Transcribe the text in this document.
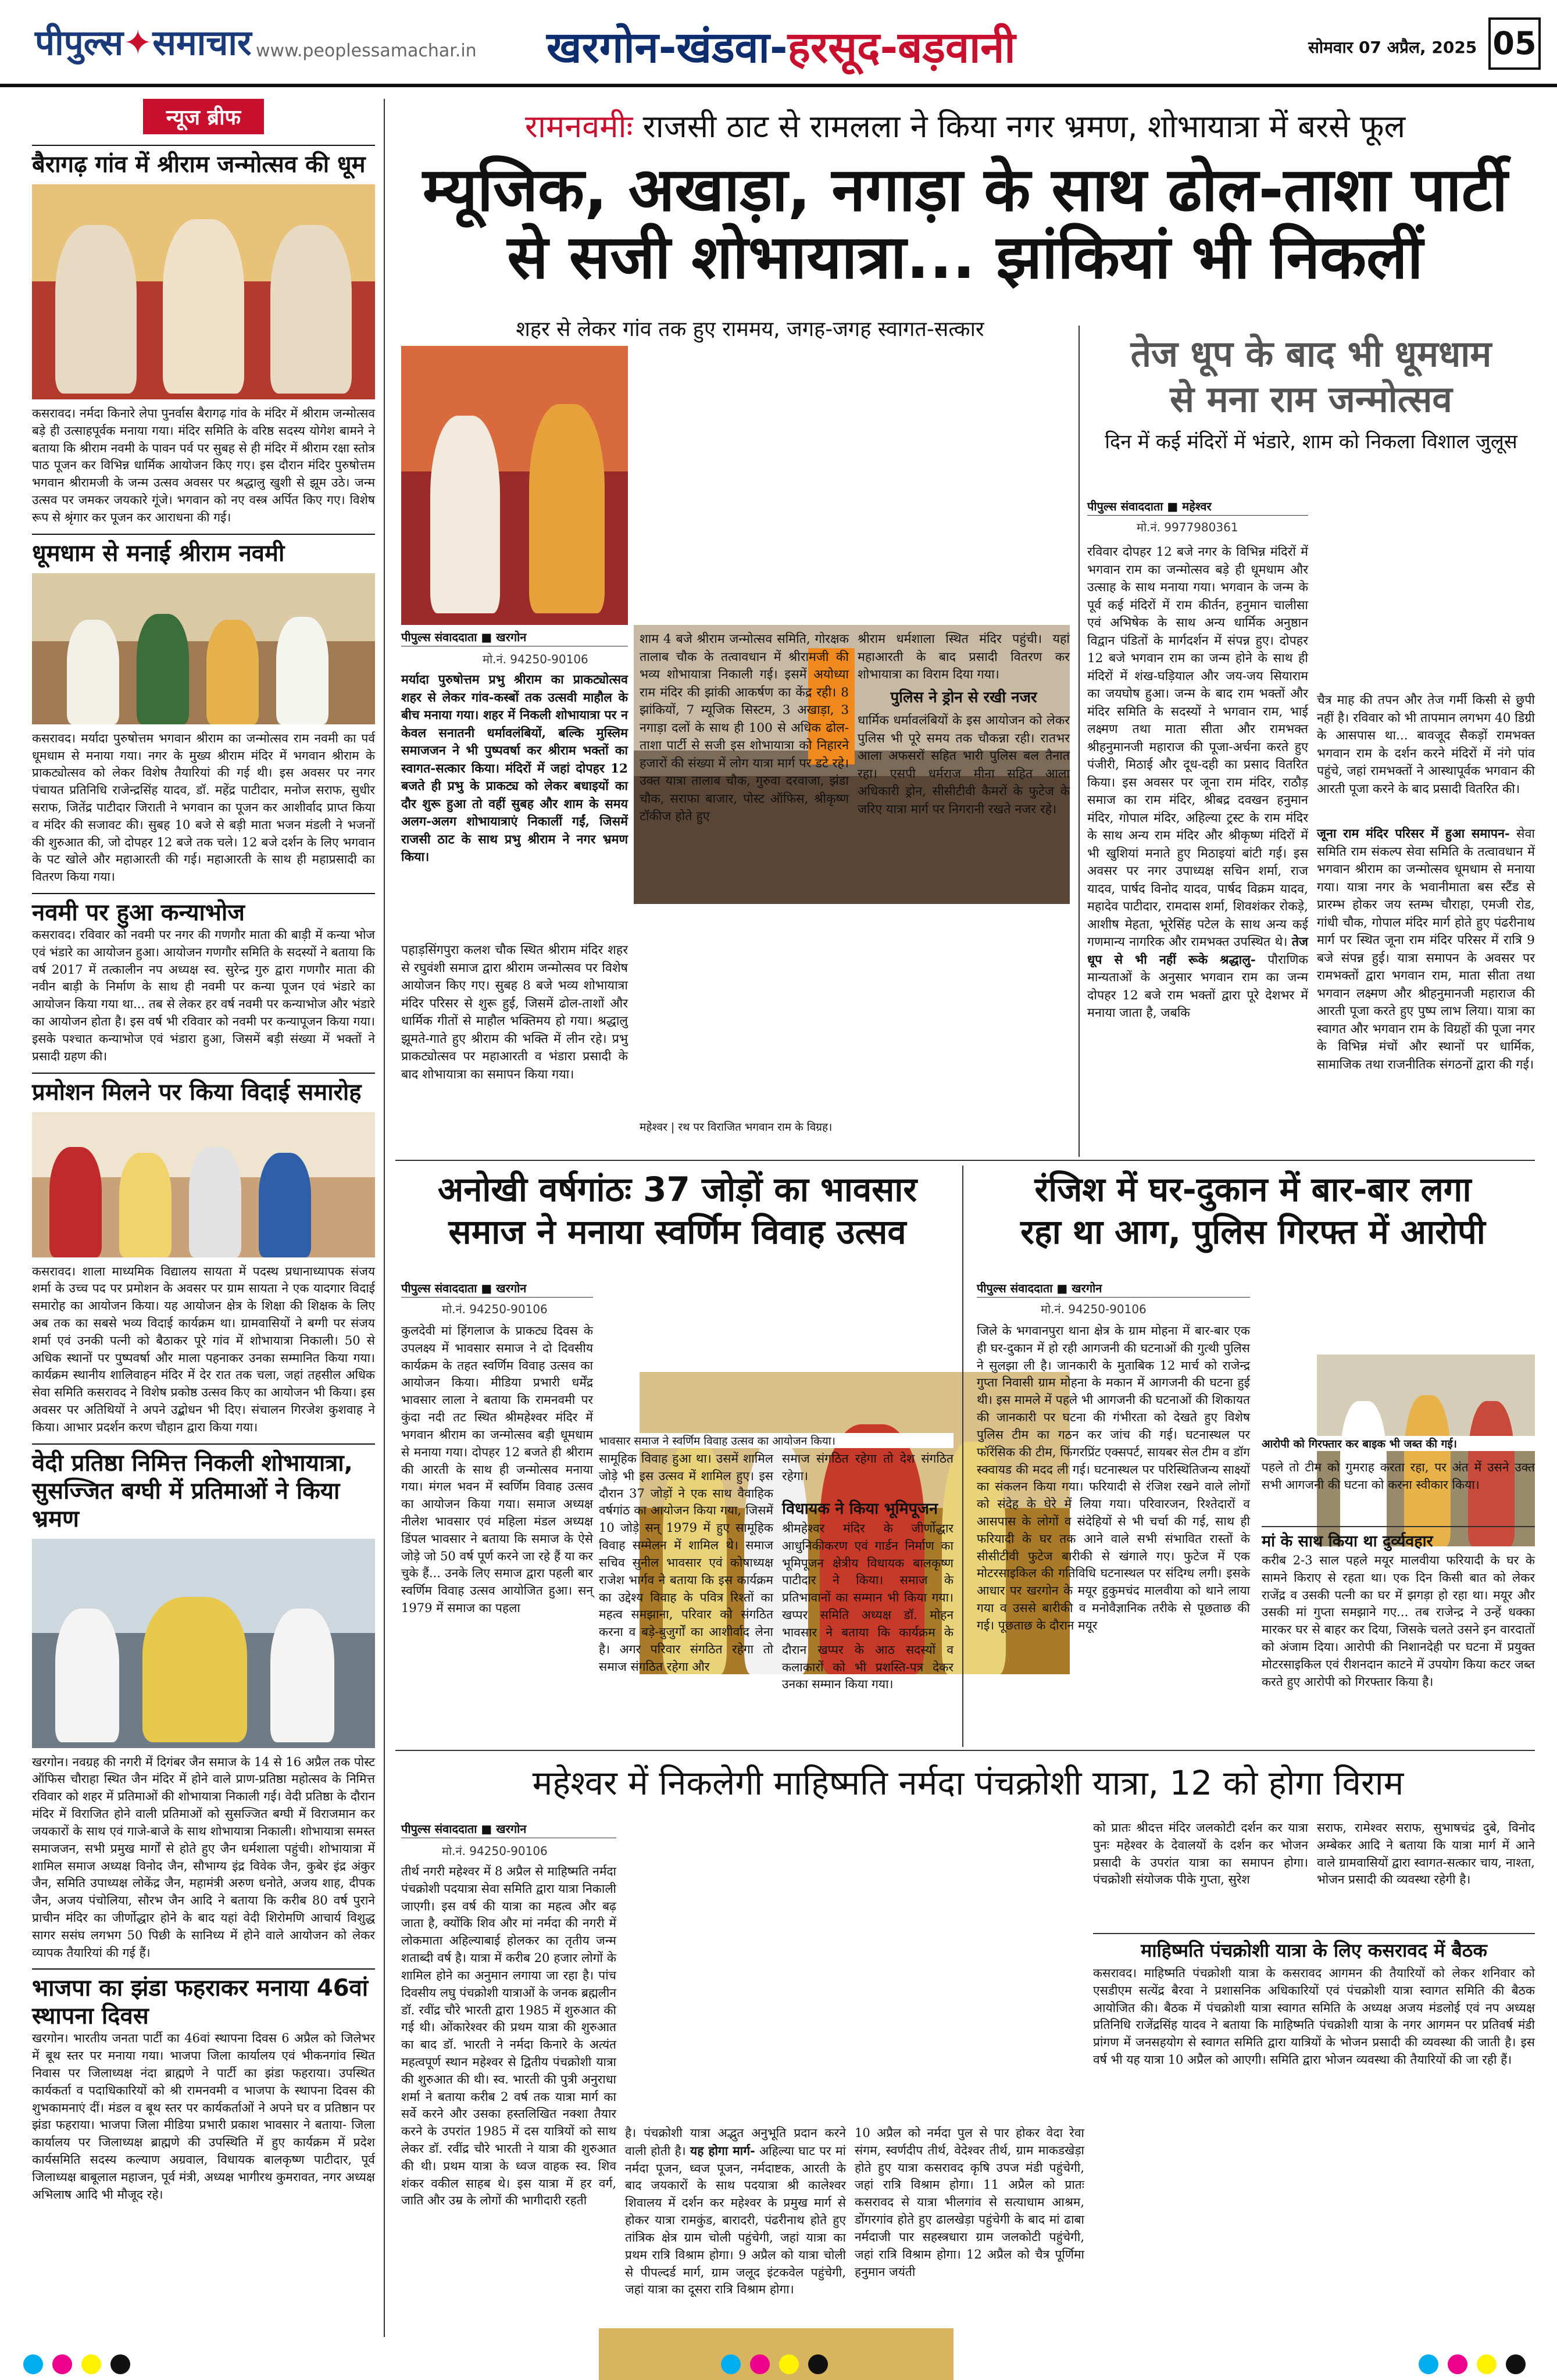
पीपुल्स✦समाचार www.peoplessamachar.in खरगोन-खंडवा-हरसूद-बड़वानी	सोमवार 07 अप्रैल, 2025 05
न्यूज ब्रीफ
बैरागढ़ गांव में श्रीराम जन्मोत्सव की धूम
कसरावद। नर्मदा किनारे लेपा पुनर्वास बैरागढ़ गांव के मंदिर में श्रीराम जन्मोत्सव बड़े ही उत्साहपूर्वक मनाया गया। मंदिर समिति के वरिष्ठ सदस्य योगेश बामने ने बताया कि श्रीराम नवमी के पावन पर्व पर सुबह से ही मंदिर में श्रीराम रक्षा स्तोत्र पाठ पूजन कर विभिन्न धार्मिक आयोजन किए गए। इस दौरान मंदिर पुरुषोत्तम भगवान श्रीरामजी के जन्म उत्सव अवसर पर श्रद्धालु खुशी से झूम उठे। जन्म उत्सव पर जमकर जयकारे गूंजे। भगवान को नए वस्त्र अर्पित किए गए। विशेष रूप से श्रृंगार कर पूजन कर आराधना की गई।
धूमधाम से मनाई श्रीराम नवमी
कसरावद। मर्यादा पुरुषोत्तम भगवान श्रीराम का जन्मोत्सव राम नवमी का पर्व धूमधाम से मनाया गया। नगर के मुख्य श्रीराम मंदिर में भगवान श्रीराम के प्राकट्योत्सव को लेकर विशेष तैयारियां की गई थी। इस अवसर पर नगर पंचायत प्रतिनिधि राजेन्द्रसिंह यादव, डॉ. महेंद्र पाटीदार, मनोज सराफ, सुधीर सराफ, जितेंद्र पाटीदार जिराती ने भगवान का पूजन कर आशीर्वाद प्राप्त किया व मंदिर की सजावट की। सुबह 10 बजे से बड़ी माता भजन मंडली ने भजनों की शुरुआत की, जो दोपहर 12 बजे तक चले। 12 बजे दर्शन के लिए भगवान के पट खोले और महाआरती की गई। महाआरती के साथ ही महाप्रसादी का वितरण किया गया।
नवमी पर हुआ कन्याभोज
कसरावद। रविवार को नवमी पर नगर की गणगौर माता की बाड़ी में कन्या भोज एवं भंडारे का आयोजन हुआ। आयोजन गणगौर समिति के सदस्यों ने बताया कि वर्ष 2017 में तत्कालीन नप अध्यक्ष स्व. सुरेन्द्र गुरु द्वारा गणगौर माता की नवीन बाड़ी के निर्माण के साथ ही नवमी पर कन्या पूजन एवं भंडारे का आयोजन किया गया था... तब से लेकर हर वर्ष नवमी पर कन्याभोज और भंडारे का आयोजन होता है। इस वर्ष भी रविवार को नवमी पर कन्यापूजन किया गया। इसके पश्चात कन्याभोज एवं भंडारा हुआ, जिसमें बड़ी संख्या में भक्तों ने प्रसादी ग्रहण की।
प्रमोशन मिलने पर किया विदाई समारोह
कसरावद। शाला माध्यमिक विद्यालय सायता में पदस्थ प्रधानाध्यापक संजय शर्मा के उच्च पद पर प्रमोशन के अवसर पर ग्राम सायता ने एक यादगार विदाई समारोह का आयोजन किया। यह आयोजन क्षेत्र के शिक्षा की शिक्षक के लिए अब तक का सबसे भव्य विदाई कार्यक्रम था। ग्रामवासियों ने बग्गी पर संजय शर्मा एवं उनकी पत्नी को बैठाकर पूरे गांव में शोभायात्रा निकाली। 50 से अधिक स्थानों पर पुष्पवर्षा और माला पहनाकर उनका सम्मानित किया गया। कार्यक्रम स्थानीय शालिवाहन मंदिर में देर रात तक चला, जहां तहसील अधिक सेवा समिति कसरावद ने विशेष प्रकोष्ठ उत्सव किए का आयोजन भी किया। इस अवसर पर अतिथियों ने अपने उद्बोधन भी दिए। संचालन गिरजेश कुशवाह ने किया। आभार प्रदर्शन करण चौहान द्वारा किया गया।
वेदी प्रतिष्ठा निमित्त निकली शोभायात्रा, सुसज्जित बग्घी में प्रतिमाओं ने किया भ्रमण
खरगोन। नवग्रह की नगरी में दिगंबर जैन समाज के 14 से 16 अप्रैल तक पोस्ट ऑफिस चौराहा स्थित जैन मंदिर में होने वाले प्राण-प्रतिष्ठा महोत्सव के निमित्त रविवार को शहर में प्रतिमाओं की शोभायात्रा निकाली गई। वेदी प्रतिष्ठा के दौरान मंदिर में विराजित होने वाली प्रतिमाओं को सुसज्जित बग्घी में विराजमान कर जयकारों के साथ एवं गाजे-बाजे के साथ शोभायात्रा निकाली। शोभायात्रा समस्त समाजजन, सभी प्रमुख मार्गों से होते हुए जैन धर्मशाला पहुंची। शोभायात्रा में शामिल समाज अध्यक्ष विनोद जैन, सौभाग्य इंद्र विवेक जैन, कुबेर इंद्र अंकुर जैन, समिति उपाध्यक्ष लोकेंद्र जैन, महामंत्री अरुण धनोते, अजय शाह, दीपक जैन, अजय पंचोलिया, सौरभ जैन आदि ने बताया कि करीब 80 वर्ष पुराने प्राचीन मंदिर का जीर्णोद्धार होने के बाद यहां वेदी शिरोमणि आचार्य विशुद्ध सागर ससंघ लगभग 50 पिछी के सानिध्य में होने वाले आयोजन को लेकर व्यापक तैयारियां की गई हैं।
भाजपा का झंडा फहराकर मनाया 46वां स्थापना दिवस
खरगोन। भारतीय जनता पार्टी का 46वां स्थापना दिवस 6 अप्रैल को जिलेभर में बूथ स्तर पर मनाया गया। भाजपा जिला कार्यालय एवं भीकनगांव स्थित निवास पर जिलाध्यक्ष नंदा ब्राह्मणे ने पार्टी का झंडा फहराया। उपस्थित कार्यकर्ता व पदाधिकारियों को श्री रामनवमी व भाजपा के स्थापना दिवस की शुभकामनाएं दीं। मंडल व बूथ स्तर पर कार्यकर्ताओं ने अपने घर व प्रतिष्ठान पर झंडा फहराया। भाजपा जिला मीडिया प्रभारी प्रकाश भावसार ने बताया- जिला कार्यालय पर जिलाध्यक्ष ब्राह्मणे की उपस्थिति में हुए कार्यक्रम में प्रदेश कार्यसमिति सदस्य कल्याण अग्रवाल, विधायक बालकृष्ण पाटीदार, पूर्व जिलाध्यक्ष बाबूलाल महाजन, पूर्व मंत्री, अध्यक्ष भागीरथ कुमरावत, नगर अध्यक्ष अभिलाष आदि भी मौजूद रहे।
रामनवमीः राजसी ठाट से रामलला ने किया नगर भ्रमण, शोभायात्रा में बरसे फूल
म्यूजिक, अखाड़ा, नगाड़ा के साथ ढोल-ताशा पार्टी
से सजी शोभायात्रा... झांकियां भी निकलीं
शहर से लेकर गांव तक हुए राममय, जगह-जगह स्वागत-सत्कार
पीपुल्स संवाददाता ■ खरगोन
मो.नं. 94250-90106
मर्यादा पुरुषोत्तम प्रभु श्रीराम का प्राकट्योत्सव शहर से लेकर गांव-कस्बों तक उत्सवी माहौल के बीच मनाया गया। शहर में निकली शोभायात्रा पर न केवल सनातनी धर्मावलंबियों, बल्कि मुस्लिम समाजजन ने भी पुष्पवर्षा कर श्रीराम भक्तों का स्वागत-सत्कार किया। मंदिरों में जहां दोपहर 12 बजते ही प्रभु के प्राकट्य को लेकर बधाइयों का दौर शुरू हुआ तो वहीं सुबह और शाम के समय अलग-अलग शोभायात्राएं निकालीं गईं, जिसमें राजसी ठाट के साथ प्रभु श्रीराम ने नगर भ्रमण किया।
पहाड़सिंगपुरा कलश चौक स्थित श्रीराम मंदिर शहर से रघुवंशी समाज द्वारा श्रीराम जन्मोत्सव पर विशेष आयोजन किए गए। सुबह 8 बजे भव्य शोभायात्रा मंदिर परिसर से शुरू हुई, जिसमें ढोल-ताशों और धार्मिक गीतों से माहौल भक्तिमय हो गया। श्रद्धालु झूमते-गाते हुए श्रीराम की भक्ति में लीन रहे। प्रभु प्राकट्योत्सव पर महाआरती व भंडारा प्रसादी के बाद शोभायात्रा का समापन किया गया।
शाम 4 बजे श्रीराम जन्मोत्सव समिति, गोरक्षक तालाब चौक के तत्वावधान में श्रीरामजी की भव्य शोभायात्रा निकाली गई। इसमें अयोध्या राम मंदिर की झांकी आकर्षण का केंद्र रही। 8 झांकियों, 7 म्यूजिक सिस्टम, 3 अखाड़ा, 3 नगाड़ा दलों के साथ ही 100 से अधिक ढोल-ताशा पार्टी से सजी इस शोभायात्रा को निहारने हजारों की संख्या में लोग यात्रा मार्ग पर डटे रहे। उक्त यात्रा तालाब चौक, गुरुवा दरवाजा, झंडा चौक, सराफा बाजार, पोस्ट ऑफिस, श्रीकृष्ण टॉकीज होते हुए
श्रीराम धर्मशाला स्थित मंदिर पहुंची। यहां महाआरती के बाद प्रसादी वितरण कर शोभायात्रा का विराम दिया गया।
पुलिस ने ड्रोन से रखी नजर
धार्मिक धर्मावलंबियों के इस आयोजन को लेकर पुलिस भी पूरे समय तक चौकन्ना रही। रातभर आला अफसरों सहित भारी पुलिस बल तैनात रहा। एसपी धर्मराज मीना सहित आला अधिकारी ड्रोन, सीसीटीवी कैमरों के फुटेज के जरिए यात्रा मार्ग पर निगरानी रखते नजर रहे।
महेश्वर | रथ पर विराजित भगवान राम के विग्रह।
तेज धूप के बाद भी धूमधाम
से मना राम जन्मोत्सव
दिन में कई मंदिरों में भंडारे, शाम को निकला विशाल जुलूस
पीपुल्स संवाददाता ■ महेश्वर
मो.नं. 9977980361
रविवार दोपहर 12 बजे नगर के विभिन्न मंदिरों में भगवान राम का जन्मोत्सव बड़े ही धूमधाम और उत्साह के साथ मनाया गया। भगवान के जन्म के पूर्व कई मंदिरों में राम कीर्तन, हनुमान चालीसा एवं अभिषेक के साथ अन्य धार्मिक अनुष्ठान विद्वान पंडितों के मार्गदर्शन में संपन्न हुए। दोपहर 12 बजे भगवान राम का जन्म होने के साथ ही मंदिरों में शंख-घड़ियाल और जय-जय सियाराम का जयघोष हुआ। जन्म के बाद राम भक्तों और मंदिर समिति के सदस्यों ने भगवान राम, भाई लक्ष्मण तथा माता सीता और रामभक्त श्रीहनुमानजी महाराज की पूजा-अर्चना करते हुए पंजीरी, मिठाई और दूध-दही का प्रसाद वितरित किया। इस अवसर पर जूना राम मंदिर, राठौड़ समाज का राम मंदिर, श्रीबद्र दवखन हनुमान मंदिर, गोपाल मंदिर, अहिल्या ट्रस्ट के राम मंदिर के साथ अन्य राम मंदिर और श्रीकृष्ण मंदिरों में भी खुशियां मनाते हुए मिठाइयां बांटी गई। इस अवसर पर नगर उपाध्यक्ष सचिन शर्मा, राज यादव, पार्षद विनोद यादव, पार्षद विक्रम यादव, महादेव पाटीदार, रामदास शर्मा, शिवशंकर रोकड़े, आशीष मेहता, भूरेसिंह पटेल के साथ अन्य कई गणमान्य नागरिक और रामभक्त उपस्थित थे। तेज धूप से भी नहीं रूके श्रद्धालु- पौराणिक मान्यताओं के अनुसार भगवान राम का जन्म दोपहर 12 बजे राम भक्तों द्वारा पूरे देशभर में मनाया जाता है, जबकि
चैत्र माह की तपन और तेज गर्मी किसी से छुपी नहीं है। रविवार को भी तापमान लगभग 40 डिग्री के आसपास था... बावजूद सैकड़ों रामभक्त भगवान राम के दर्शन करने मंदिरों में नंगे पांव पहुंचे, जहां रामभक्तों ने आस्थापूर्वक भगवान की आरती पूजा करने के बाद प्रसादी वितरित की।
जूना राम मंदिर परिसर में हुआ समापन- सेवा समिति राम संकल्प सेवा समिति के तत्वावधान में भगवान श्रीराम का जन्मोत्सव धूमधाम से मनाया गया। यात्रा नगर के भवानीमाता बस स्टैंड से प्रारम्भ होकर जय स्तम्भ चौराहा, एमजी रोड, गांधी चौक, गोपाल मंदिर मार्ग होते हुए पंढरीनाथ मार्ग पर स्थित जूना राम मंदिर परिसर में रात्रि 9 बजे संपन्न हुई। यात्रा समापन के अवसर पर रामभक्तों द्वारा भगवान राम, माता सीता तथा भगवान लक्ष्मण और श्रीहनुमानजी महाराज की आरती पूजा करते हुए पुष्प लाभ लिया। यात्रा का स्वागत और भगवान राम के विग्रहों की पूजा नगर के विभिन्न मंचों और स्थानों पर धार्मिक, सामाजिक तथा राजनीतिक संगठनों द्वारा की गई।
अनोखी वर्षगांठः 37 जोड़ों का भावसार
समाज ने मनाया स्वर्णिम विवाह उत्सव
पीपुल्स संवाददाता ■ खरगोन
मो.नं. 94250-90106
भावसार समाज ने स्वर्णिम विवाह उत्सव का आयोजन किया।
कुलदेवी मां हिंगलाज के प्राकट्य दिवस के उपलक्ष्य में भावसार समाज ने दो दिवसीय कार्यक्रम के तहत स्वर्णिम विवाह उत्सव का आयोजन किया। मीडिया प्रभारी धर्मेंद्र भावसार लाला ने बताया कि रामनवमी पर कुंदा नदी तट स्थित श्रीमहेश्वर मंदिर में भगवान श्रीराम का जन्मोत्सव बड़ी धूमधाम से मनाया गया। दोपहर 12 बजते ही श्रीराम की आरती के साथ ही जन्मोत्सव मनाया गया। मंगल भवन में स्वर्णिम विवाह उत्सव का आयोजन किया गया। समाज अध्यक्ष नीलेश भावसार एवं महिला मंडल अध्यक्ष डिंपल भावसार ने बताया कि समाज के ऐसे जोड़े जो 50 वर्ष पूर्ण करने जा रहे हैं या कर चुके हैं... उनके लिए समाज द्वारा पहली बार स्वर्णिम विवाह उत्सव आयोजित हुआ। सन् 1979 में समाज का पहला
सामूहिक विवाह हुआ था। उसमें शामिल जोड़े भी इस उत्सव में शामिल हुए। इस दौरान 37 जोड़ों ने एक साथ वैवाहिक वर्षगांठ का आयोजन किया गया, जिसमें 10 जोड़े सन् 1979 में हुए सामूहिक विवाह सम्मेलन में शामिल थे। समाज सचिव सुनील भावसार एवं कोषाध्यक्ष राजेश भार्गव ने बताया कि इस कार्यक्रम का उद्देश्य विवाह के पवित्र रिश्तों का महत्व समझाना, परिवार को संगठित करना व बड़े-बुजुर्गों का आशीर्वाद लेना है। अगर परिवार संगठित रहेगा तो समाज संगठित रहेगा और
समाज संगठित रहेगा तो देश संगठित रहेगा।
विधायक ने किया भूमिपूजन
श्रीमहेश्वर मंदिर के जीर्णोद्धार आधुनिकीकरण एवं गार्डन निर्माण का भूमिपूजन क्षेत्रीय विधायक बालकृष्ण पाटीदार ने किया। समाज के प्रतिभावानों का सम्मान भी किया गया। खप्पर समिति अध्यक्ष डॉ. मोहन भावसार ने बताया कि कार्यक्रम के दौरान खप्पर के आठ सदस्यों व कलाकारों को भी प्रशस्ति-पत्र देकर उनका सम्मान किया गया।
रंजिश में घर-दुकान में बार-बार लगा
रहा था आग, पुलिस गिरफ्त में आरोपी
पीपुल्स संवाददाता ■ खरगोन
मो.नं. 94250-90106
जिले के भगवानपुरा थाना क्षेत्र के ग्राम मोहना में बार-बार एक ही घर-दुकान में हो रही आगजनी की घटनाओं की गुत्थी पुलिस ने सुलझा ली है। जानकारी के मुताबिक 12 मार्च को राजेन्द्र गुप्ता निवासी ग्राम मोहना के मकान में आगजनी की घटना हुई थी। इस मामले में पहले भी आगजनी की घटनाओं की शिकायत की जानकारी पर घटना की गंभीरता को देखते हुए विशेष पुलिस टीम का गठन कर जांच की गई। घटनास्थल पर फॉरेंसिक की टीम, फिंगरप्रिंट एक्सपर्ट, सायबर सेल टीम व डॉग स्क्वायड की मदद ली गई। घटनास्थल पर परिस्थितिजन्य साक्ष्यों का संकलन किया गया। फरियादी से रंजिश रखने वाले लोगों को संदेह के घेरे में लिया गया। परिवारजन, रिश्तेदारों व आसपास के लोगों व संदेहियों से भी चर्चा की गई, साथ ही फरियादी के घर तक आने वाले सभी संभावित रास्तों के सीसीटीवी फुटेज बारीकी से खंगाले गए। फुटेज में एक मोटरसाइकिल की गतिविधि घटनास्थल पर संदिग्ध लगी। इसके आधार पर खरगोन के मयूर हुकुमचंद मालवीया को थाने लाया गया व उससे बारीकी व मनोवैज्ञानिक तरीके से पूछताछ की गई। पूछताछ के दौरान मयूर
आरोपी को गिरफ्तार कर बाइक भी जब्त की गई।
पहले तो टीम को गुमराह करता रहा, पर अंत में उसने उक्त सभी आगजनी की घटना को करना स्वीकार किया।
मां के साथ किया था दुर्व्यवहार
करीब 2-3 साल पहले मयूर मालवीया फरियादी के घर के सामने किराए से रहता था। एक दिन किसी बात को लेकर राजेंद्र व उसकी पत्नी का घर में झगड़ा हो रहा था। मयूर और उसकी मां गुप्ता समझाने गए... तब राजेन्द्र ने उन्हें धक्का मारकर घर से बाहर कर दिया, जिसके चलते उसने इन वारदातों को अंजाम दिया। आरोपी की निशानदेही पर घटना में प्रयुक्त मोटरसाइकिल एवं रीशनदान काटने में उपयोग किया कटर जब्त करते हुए आरोपी को गिरफ्तार किया है।
महेश्वर में निकलेगी माहिष्मति नर्मदा पंचक्रोशी यात्रा, 12 को होगा विराम
पीपुल्स संवाददाता ■ खरगोन
मो.नं. 94250-90106
तीर्थ नगरी महेश्वर में 8 अप्रैल से माहिष्मति नर्मदा पंचक्रोशी पदयात्रा सेवा समिति द्वारा यात्रा निकाली जाएगी। इस वर्ष की यात्रा का महत्व और बढ़ जाता है, क्योंकि शिव और मां नर्मदा की नगरी में लोकमाता अहिल्याबाई होलकर का तृतीय जन्म शताब्दी वर्ष है। यात्रा में करीब 20 हजार लोगों के शामिल होने का अनुमान लगाया जा रहा है। पांच दिवसीय लघु पंचक्रोशी यात्राओं के जनक ब्रह्मलीन डॉ. रवींद्र चौरे भारती द्वारा 1985 में शुरुआत की गई थी। ओंकारेश्वर की प्रथम यात्रा की शुरुआत का बाद डॉ. भारती ने नर्मदा किनारे के अत्यंत महत्वपूर्ण स्थान महेश्वर से द्वितीय पंचक्रोशी यात्रा की शुरुआत की थी। स्व. भारती की पुत्री अनुराधा शर्मा ने बताया करीब 2 वर्ष तक यात्रा मार्ग का सर्वे करने और उसका हस्तलिखित नक्शा तैयार करने के उपरांत 1985 में दस यात्रियों को साथ लेकर डॉ. रवींद्र चौरे भारती ने यात्रा की शुरुआत की थी। प्रथम यात्रा के ध्वज वाहक स्व. शिव शंकर वकील साहब थे। इस यात्रा में हर वर्ग, जाति और उम्र के लोगों की भागीदारी रहती
है। पंचक्रोशी यात्रा अद्भुत अनुभूति प्रदान करने वाली होती है। यह होगा मार्ग- अहिल्या घाट पर मां नर्मदा पूजन, ध्वज पूजन, नर्मदाष्टक, आरती के बाद जयकारों के साथ पदयात्रा श्री कालेश्वर शिवालय में दर्शन कर महेश्वर के प्रमुख मार्ग से होकर यात्रा रामकुंड, बारादरी, पंढरीनाथ होते हुए तांत्रिक क्षेत्र ग्राम चोली पहुंचेगी, जहां यात्रा का प्रथम रात्रि विश्राम होगा। 9 अप्रैल को यात्रा चोली से पीपल्दर्ड मार्ग, ग्राम जलूद इंटकवेल पहुंचेगी, जहां यात्रा का दूसरा रात्रि विश्राम होगा।
10 अप्रैल को नर्मदा पुल से पार होकर वेदा रेवा संगम, स्वर्णदीप तीर्थ, वेदेश्वर तीर्थ, ग्राम माकडखेड़ा होते हुए यात्रा कसरावद कृषि उपज मंडी पहुंचेगी, जहां रात्रि विश्राम होगा। 11 अप्रैल को प्रातः कसरावद से यात्रा भीलगांव से सत्याधाम आश्रम, डोंगरगांव होते हुए ढालखेड़ा पहुंचेगी के बाद मां ढाबा नर्मदाजी पार सहस्त्रधारा ग्राम जलकोटी पहुंचेगी, जहां रात्रि विश्राम होगा। 12 अप्रैल को चैत्र पूर्णिमा हनुमान जयंती
को प्रातः श्रीदत्त मंदिर जलकोटी दर्शन कर यात्रा पुनः महेश्वर के देवालयों के दर्शन कर भोजन प्रसादी के उपरांत यात्रा का समापन होगा। पंचक्रोशी संयोजक पीके गुप्ता, सुरेश
सराफ, रामेश्वर सराफ, सुभाषचंद्र दुबे, विनोद अम्बेकर आदि ने बताया कि यात्रा मार्ग में आने वाले ग्रामवासियों द्वारा स्वागत-सत्कार चाय, नाश्ता, भोजन प्रसादी की व्यवस्था रहेगी है।
माहिष्मति पंचक्रोशी यात्रा के लिए कसरावद में बैठक
कसरावद। माहिष्मति पंचक्रोशी यात्रा के कसरावद आगमन की तैयारियों को लेकर शनिवार को एसडीएम सत्येंद्र बैरवा ने प्रशासनिक अधिकारियों एवं पंचक्रोशी यात्रा स्वागत समिति की बैठक आयोजित की। बैठक में पंचक्रोशी यात्रा स्वागत समिति के अध्यक्ष अजय मंडलोई एवं नप अध्यक्ष प्रतिनिधि राजेंद्रसिंह यादव ने बताया कि माहिष्मति पंचक्रोशी यात्रा के नगर आगमन पर प्रतिवर्ष मंडी प्रांगण में जनसहयोग से स्वागत समिति द्वारा यात्रियों के भोजन प्रसादी की व्यवस्था की जाती है। इस वर्ष भी यह यात्रा 10 अप्रैल को आएगी। समिति द्वारा भोजन व्यवस्था की तैयारियों की जा रही हैं।
